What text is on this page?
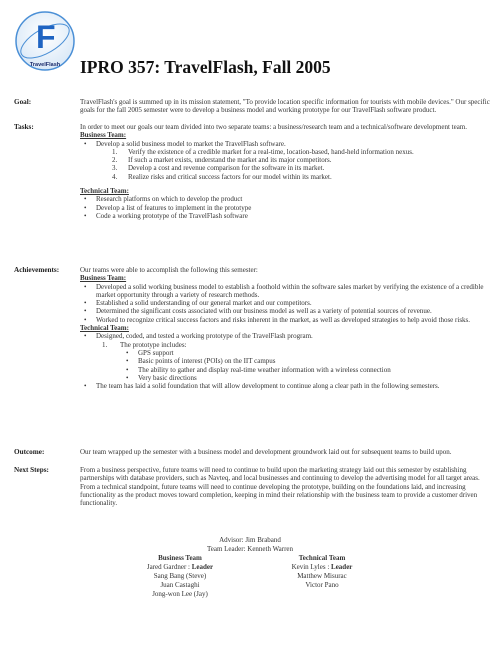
F
TravelFlash IPRO 357: TravelFlash, Fall 2005
Goal:
Tasks:
Achievements:
Outcome:
Next Steps:

TravelFlash's goal is summed up in its mission statement, "To provide location specific information for tourists with mobile devices." Our specific goals for the fall 2005 semester were to develop a business model and working prototype for our TravelFlash software product.

In order to meet our goals our team divided into two separate teams: a business/research team and a technical/software development team.

Business Team:

• Develop a solid business model to market the TravelFlash software.

1. Verify the existence of a credible market for a real-time, location-based, hand-held information nexus.

2. If such a market exists, understand the market and its major competitors.

3. Develop a cost and revenue comparison for the software in its market.

4. Realize risks and critical success factors for our model within its market.

Technical Team:

• Research platforms on which to develop the product

• Develop a list of features to implement in the prototype

• Code a working prototype of the TravelFlash software

Our teams were able to accomplish the following this semester:

Business Team:

• Developed a solid working business model to establish a foothold within the software sales market by verifying the existence of a credible market opportunity through a variety of research methods.

• Established a solid understanding of our general market and our competitors.

• Determined the significant costs associated with our business model as well as a variety of potential sources of revenue.

• Worked to recognize critical success factors and risks inherent in the market, as well as developed strategies to help avoid those risks.

Technical Team:

• Designed, coded, and tested a working prototype of the TravelFlash program.

1. The prototype includes:

• GPS support

• Basic points of interest (POIs) on the IIT campus

• The ability to gather and display real-time weather information with a wireless connection

• Very basic directions

• The team has laid a solid foundation that will allow development to continue along a clear path in the following semesters.

Our team wrapped up the semester with a business model and development groundwork laid out for subsequent teams to build upon.

From a business perspective, future teams will need to continue to build upon the marketing strategy laid out this semester by establishing partnerships with database providers, such as Navteq, and local businesses and continuing to develop the advertising model for all target areas.

From a technical standpoint, future teams will need to continue developing the prototype, building on the foundations laid, and increasing functionality as the product moves toward completion, keeping in mind their relationship with the business team to provide a customer driven functionality.

Advisor: Jim Braband

Team Leader: Kenneth Warren

Business Team

Jared Gardner : Leader

Sang Bang (Steve)

Juan Castaghi

Jong-won Lee (Jay)

Technical Team

Kevin Lyles : Leader

Matthew Misurac

Victor Pano
